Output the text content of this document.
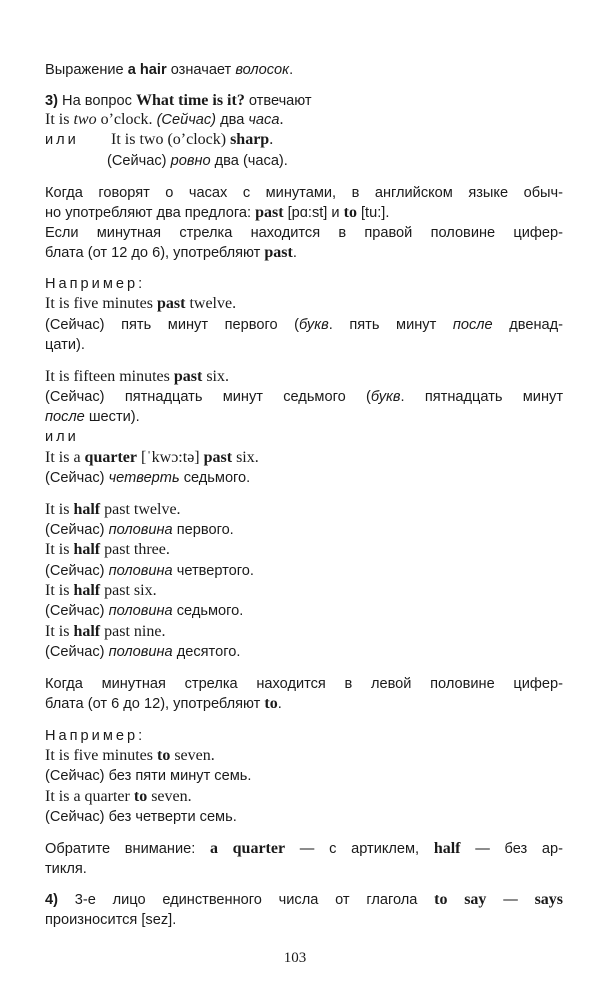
Выражение a hair означает волосок.
3) На вопрос What time is it? отвечают
It is two o’clock. (Сейчас) два часа.
или It is two (o’clock) sharp.
(Сейчас) ровно два (часа).
Когда говорят о часах с минутами, в английском языке обыч-
но употребляют два предлога: past [pɑ:st] и to [tu:].
Если минутная стрелка находится в правой половине цифер-
блата (от 12 до 6), употребляют past.
Например:
It is five minutes past twelve.
(Сейчас) пять минут первого (букв. пять минут после двенад-
цати).
It is fifteen minutes past six.
(Сейчас) пятнадцать минут седьмого (букв. пятнадцать минут
после шести).
или
It is a quarter [ˈkwɔ:tə] past six.
(Сейчас) четверть седьмого.
It is half past twelve.
(Сейчас) половина первого.
It is half past three.
(Сейчас) половина четвертого.
It is half past six.
(Сейчас) половина седьмого.
It is half past nine.
(Сейчас) половина десятого.
Когда минутная стрелка находится в левой половине цифер-
блата (от 6 до 12), употребляют to.
Например:
It is five minutes to seven.
(Сейчас) без пяти минут семь.
It is a quarter to seven.
(Сейчас) без четверти семь.
Обратите внимание: a quarter — с артиклем, half — без ар-
тикля.
4) 3-е лицо единственного числа от глагола to say — says
произносится [sez].
103
